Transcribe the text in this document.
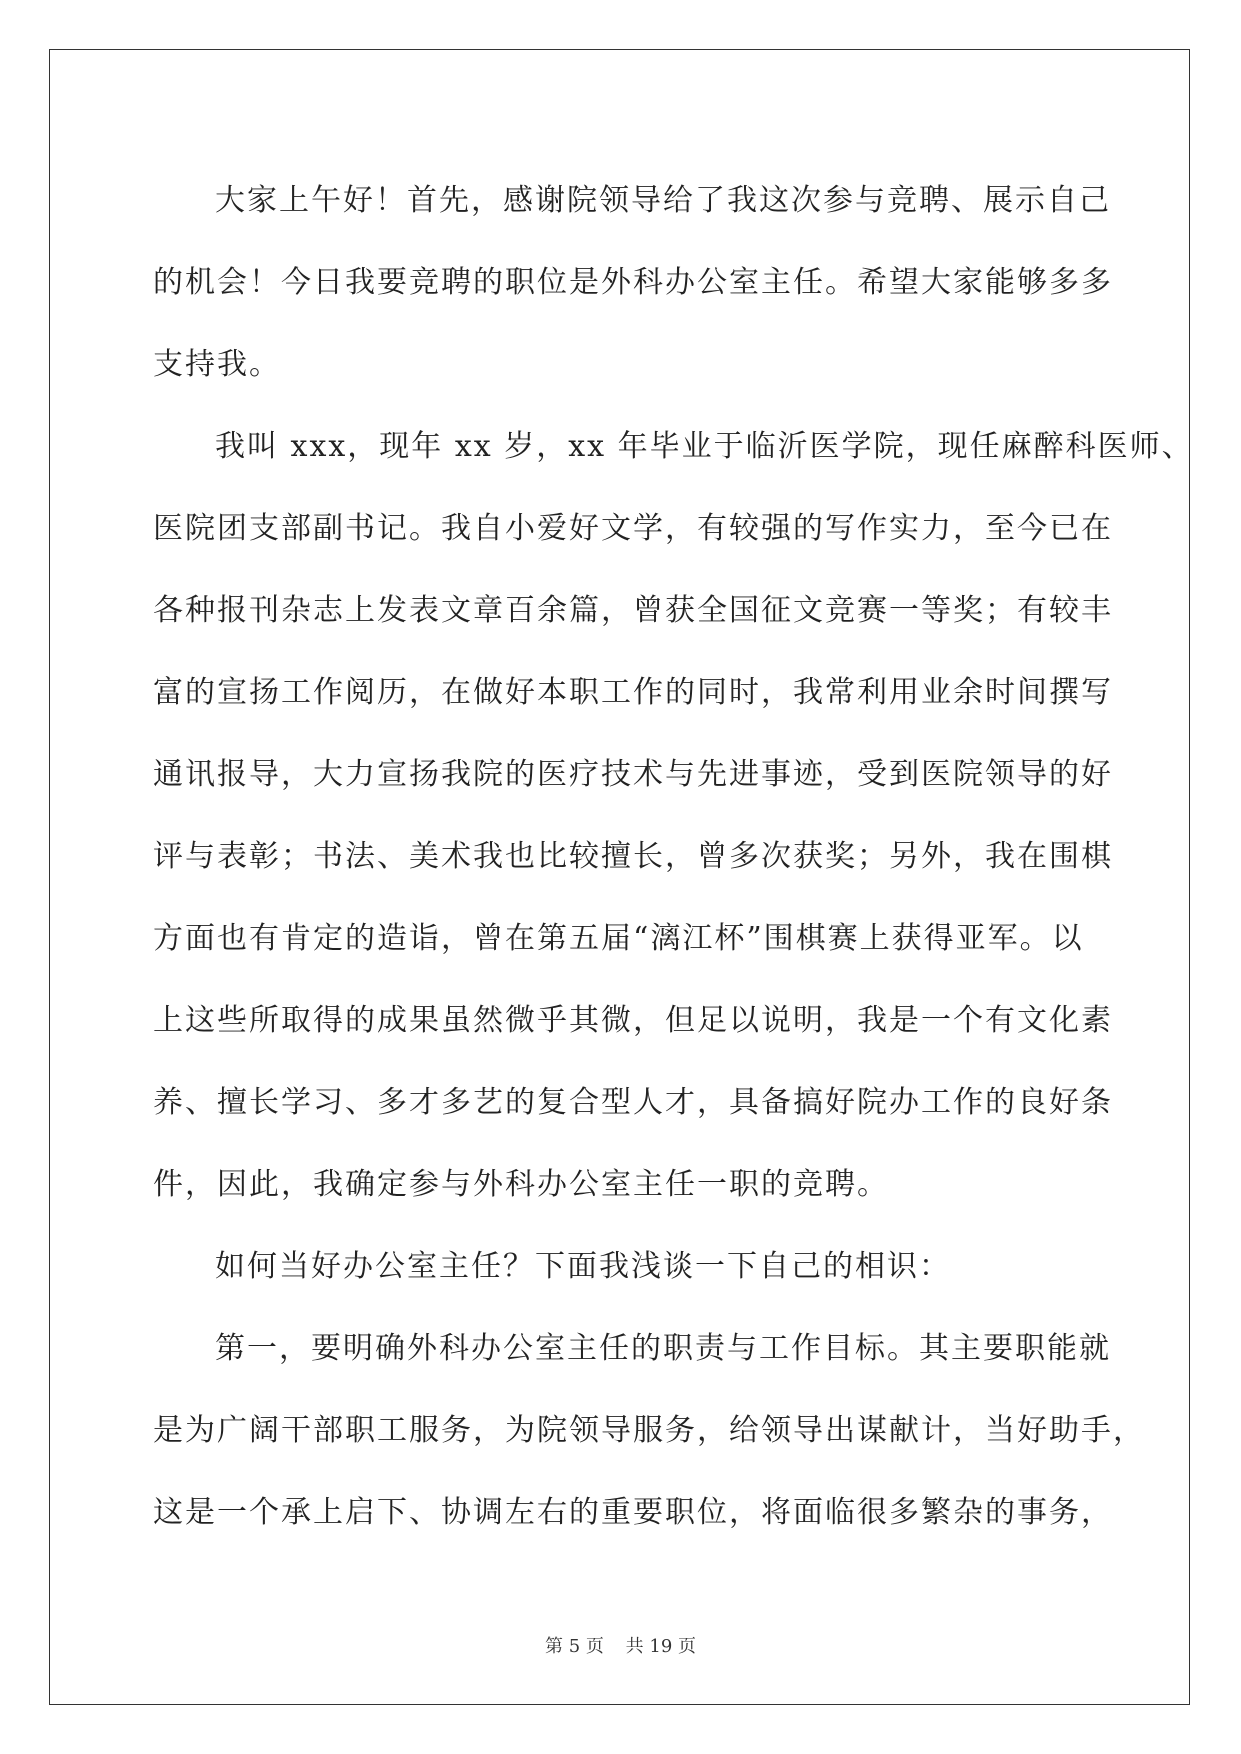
大家上午好！首先，感谢院领导给了我这次参与竞聘、展示自己
的机会！今日我要竞聘的职位是外科办公室主任。希望大家能够多多
支持我。
我叫 xxx，现年 xx 岁，xx 年毕业于临沂医学院，现任麻醉科医师、
医院团支部副书记。我自小爱好文学，有较强的写作实力，至今已在
各种报刊杂志上发表文章百余篇，曾获全国征文竞赛一等奖；有较丰
富的宣扬工作阅历，在做好本职工作的同时，我常利用业余时间撰写
通讯报导，大力宣扬我院的医疗技术与先进事迹，受到医院领导的好
评与表彰；书法、美术我也比较擅长，曾多次获奖；另外，我在围棋
方面也有肯定的造诣，曾在第五届“漓江杯”围棋赛上获得亚军。以
上这些所取得的成果虽然微乎其微，但足以说明，我是一个有文化素
养、擅长学习、多才多艺的复合型人才，具备搞好院办工作的良好条
件，因此，我确定参与外科办公室主任一职的竞聘。
如何当好办公室主任？下面我浅谈一下自己的相识：
第一，要明确外科办公室主任的职责与工作目标。其主要职能就
是为广阔干部职工服务，为院领导服务，给领导出谋献计，当好助手，
这是一个承上启下、协调左右的重要职位，将面临很多繁杂的事务，
第 5 页 共 19 页
